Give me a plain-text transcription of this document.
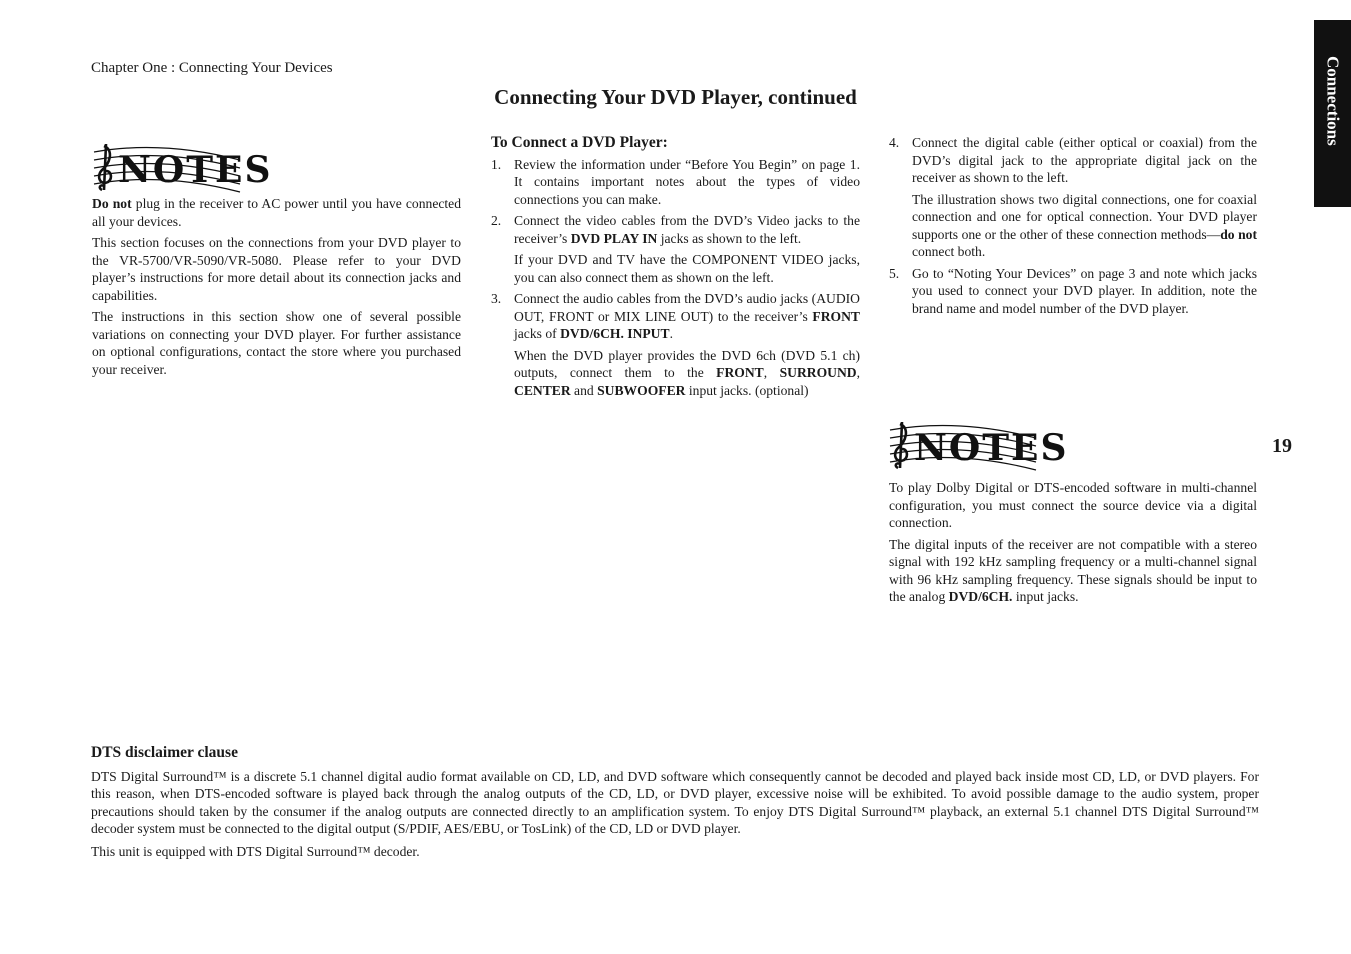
Chapter One : Connecting Your Devices
Connecting Your DVD Player, continued	Connections
19
NOTES

Do not plug in the receiver to AC power until you have connected all your devices.

This section focuses on the connections from your DVD player to the VR-5700/VR-5090/VR-5080. Please refer to your DVD player’s instructions for more detail about its connection jacks and capabilities.

The instructions in this section show one of several possible variations on connecting your DVD player. For further assistance on optional configurations, contact the store where you purchased your receiver.

To Connect a DVD Player:
1. Review the information under “Before You Begin” on page 1. It contains important notes about the types of video connections you can make.
2. Connect the video cables from the DVD’s Video jacks to the receiver’s DVD PLAY IN jacks as shown to the left.
If your DVD and TV have the COMPONENT VIDEO jacks, you can also connect them as shown on the left.
3. Connect the audio cables from the DVD’s audio jacks (AUDIO OUT, FRONT or MIX LINE OUT) to the receiver’s FRONT jacks of DVD/6CH. INPUT.
When the DVD player provides the DVD 6ch (DVD 5.1 ch) outputs, connect them to the FRONT, SURROUND, CENTER and SUBWOOFER input jacks. (optional)
4. Connect the digital cable (either optical or coaxial) from the DVD’s digital jack to the appropriate digital jack on the receiver as shown to the left.
The illustration shows two digital connections, one for coaxial connection and one for optical connection. Your DVD player supports one or the other of these connection methods—do not connect both.
5. Go to “Noting Your Devices” on page 3 and note which jacks you used to connect your DVD player. In addition, note the brand name and model number of the DVD player.
NOTES

To play Dolby Digital or DTS-encoded software in multi-channel configuration, you must connect the source device via a digital connection.

The digital inputs of the receiver are not compatible with a stereo signal with 192 kHz sampling frequency or a multi-channel signal with 96 kHz sampling frequency. These signals should be input to the analog DVD/6CH. input jacks.

DTS disclaimer clause

DTS Digital Surround™ is a discrete 5.1 channel digital audio format available on CD, LD, and DVD software which consequently cannot be decoded and played back inside most CD, LD, or DVD players. For this reason, when DTS-encoded software is played back through the analog outputs of the CD, LD, or DVD player, excessive noise will be exhibited. To avoid possible damage to the audio system, proper precautions should taken by the consumer if the analog outputs are connected directly to an amplification system. To enjoy DTS Digital Surround™ playback, an external 5.1 channel DTS Digital Surround™ decoder system must be connected to the digital output (S/PDIF, AES/EBU, or TosLink) of the CD, LD or DVD player.

This unit is equipped with DTS Digital Surround™ decoder.
